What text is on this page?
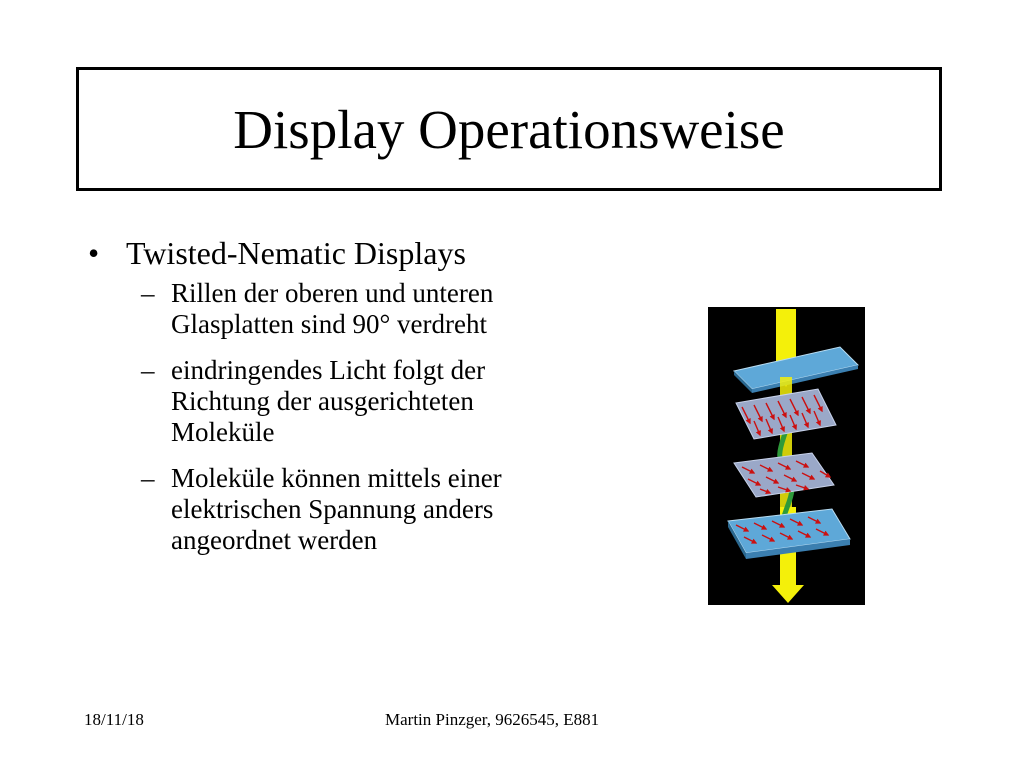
Display Operationsweise
• Twisted-Nematic Displays
– Rillen der oberen und unteren
Glasplatten sind 90° verdreht
– eindringendes Licht folgt der
Richtung der ausgerichteten
Moleküle
– Moleküle können mittels einer
elektrischen Spannung anders
angeordnet werden
18/11/18	Martin Pinzger, 9626545, E881
